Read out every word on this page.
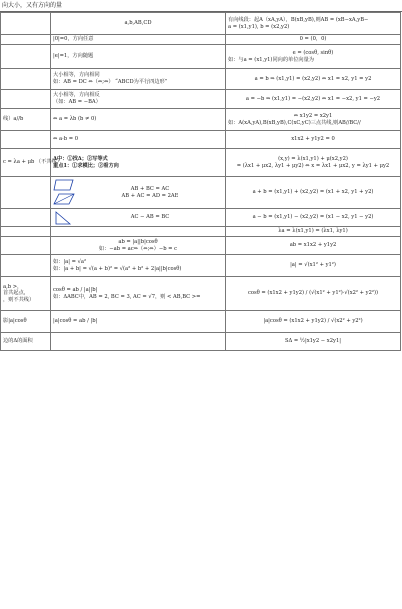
向大小，又有方向的量

	a,b,AB,CD	有向线段：起A（xA,yA），B(xB,yB),则AB = (xB−xA,yB−
a = (x1,y1), b = (x2,y2)

	|0|=0，方向任意	0 = (0，0)

	|e|=1，方向随题	e = (cosθ, sinθ)
如：与a = (x1,y1)同向的单位向量为

	大小相等，方向相同
如：AB = DC ⇔（⇔;⇔） “ABCD为平行四边形”	a = b ⇒ (x1,y1) = (x2,y2) ⇔ x1 = x2, y1 = y2

	大小相等，方向相反
（如：AB = −BA）	a = −b ⇒ (x1,y1) = −(x2,y2) ⇔ x1 = −x2, y1 = −y2

线）a//b	⇔ a = λb (b ≠ 0)	⇔ x1y2 = x2y1
如：A(xA,yA),B(xB,yB),C(xC,yC)三点共线,则AB//BC//

	⇔ a·b = 0	x1x2 + y1y2 = 0

c = λa + μb （不共线）	Δ中：①找Δ；②写等式
重点1：①求模比；②看方向	(x,y) = λ(x1,y1) + μ(x2,y2)
= (λx1 + μx2, λy1 + μy2) ⇔ x = λx1 + μx2, y = λy1 + μy2

	AB + BC = AC
AB + AC = AD = 2AE	a + b = (x1,y1) + (x2,y2) = (x1 + x2, y1 + y2)

	AC − AB = BC	a − b = (x1,y1) − (x2,y2) = (x1 − x2, y1 − y2)

		λa = λ(x1,y1) = (λx1, λy1)

	ab = |a||b|cosθ
如：−ab = ac⇒（⇔;⇔）−b = c	ab = x1x2 + y1y2

	如：|a| = √a²
如：|a + b| = √(a + b)² = √(a² + b² + 2|a||b|cosθ)	|a| = √(x1² + y1²)

a,b >，
首共起点，
，则不共线）	cosθ = ab / |a||b|
如：ΔABC中，AB = 2, BC = 3, AC = √7，则 < AB,BC >=	cosθ = (x1x2 + y1y2) / (√(x1² + y1²)·√(x2² + y2²))

影|a|cosθ	|a|cosθ = ab / |b|	|a|cosθ = (x1x2 + y1y2) / √(x2² + y2²)

边的Δ的面积		SΔ = ½|x1y2 − x2y1|
